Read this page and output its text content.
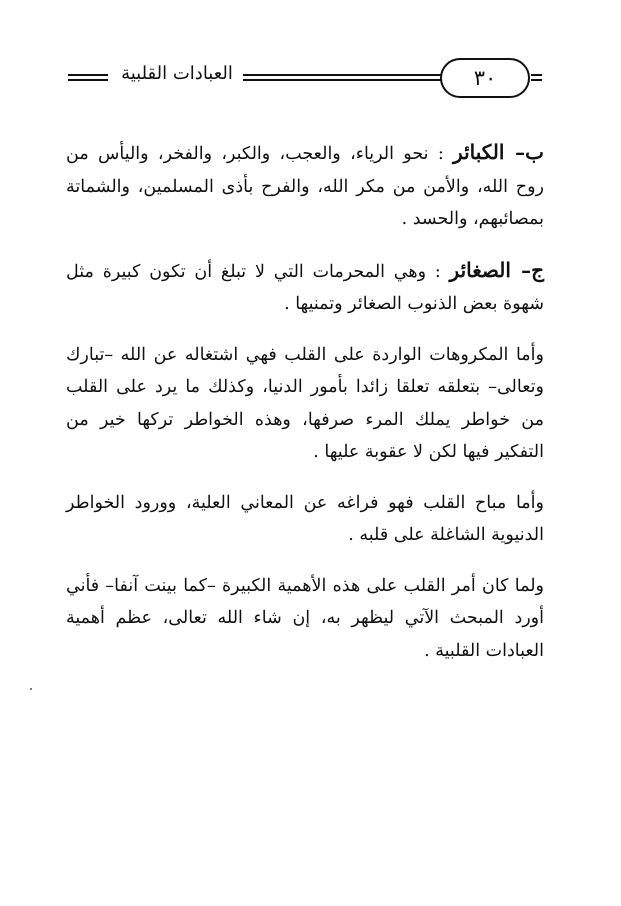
العبادات القلبية	٣٠

ب– الكبائر : نحو الرياء، والعجب، والكبر، والفخر، واليأس من روح الله، والأمن من مكر الله، والفرح بأذى المسلمين، والشماتة بمصائبهم، والحسد .

ج– الصغائر : وهي المحرمات التي لا تبلغ أن تكون كبيرة مثل شهوة بعض الذنوب الصغائر وتمنيها .

وأما المكروهات الواردة على القلب فهي اشتغاله عن الله –تبارك وتعالى– بتعلقه تعلقا زائدا بأمور الدنيا، وكذلك ما يرد على القلب من خواطر يملك المرء صرفها، وهذه الخواطر تركها خير من التفكير فيها لكن لا عقوبة عليها .

وأما مباح القلب فهو فراغه عن المعاني العلية، وورود الخواطر الدنيوية الشاغلة على قلبه .

ولما كان أمر القلب على هذه الأهمية الكبيرة –كما بينت آنفا– فأني أورد المبحث الآتي ليظهر به، إن شاء الله تعالى، عظم أهمية العبادات القلبية .
